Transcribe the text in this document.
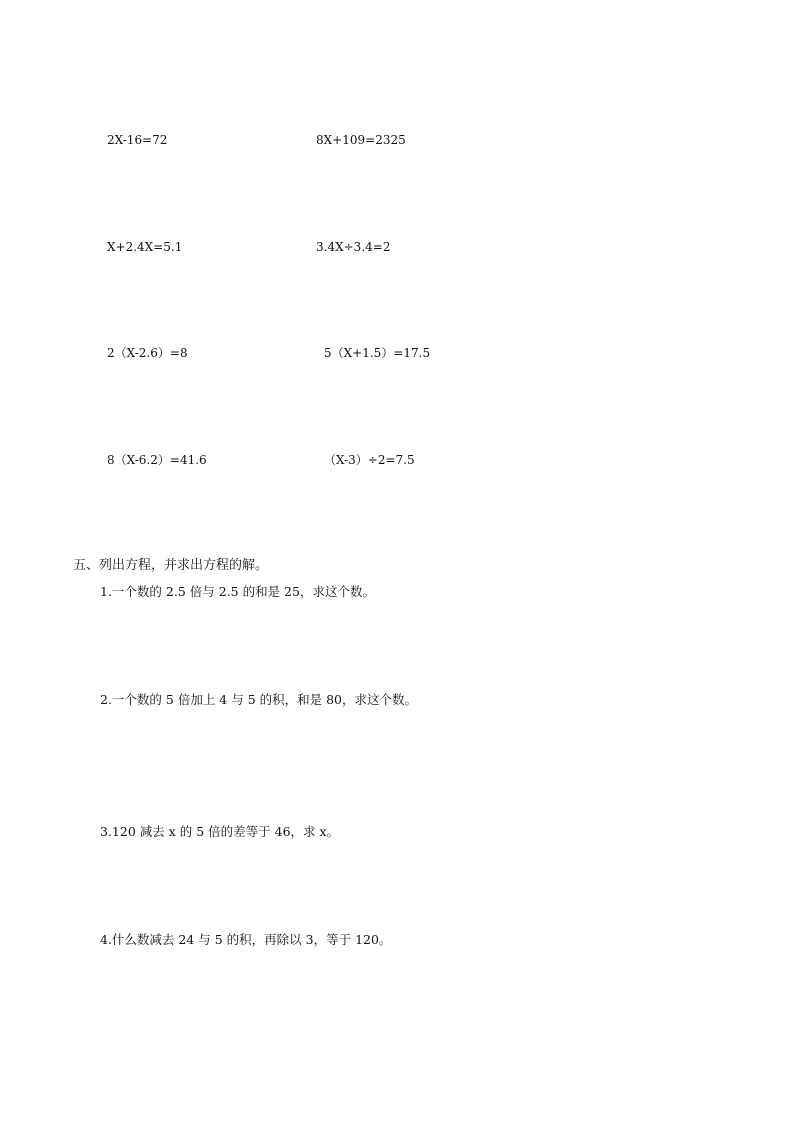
2X-16=72	8X+109=2325
X+2.4X=5.1	3.4X÷3.4=2
2（X-2.6）=8	5（X+1.5）=17.5
8（X-6.2）=41.6	（X-3）÷2=7.5
五、列出方程，并求出方程的解。
1.一个数的 2.5 倍与 2.5 的和是 25，求这个数。
2.一个数的 5 倍加上 4 与 5 的积，和是 80，求这个数。
3.120 减去 x 的 5 倍的差等于 46，求 x。
4.什么数减去 24 与 5 的积，再除以 3，等于 120。
